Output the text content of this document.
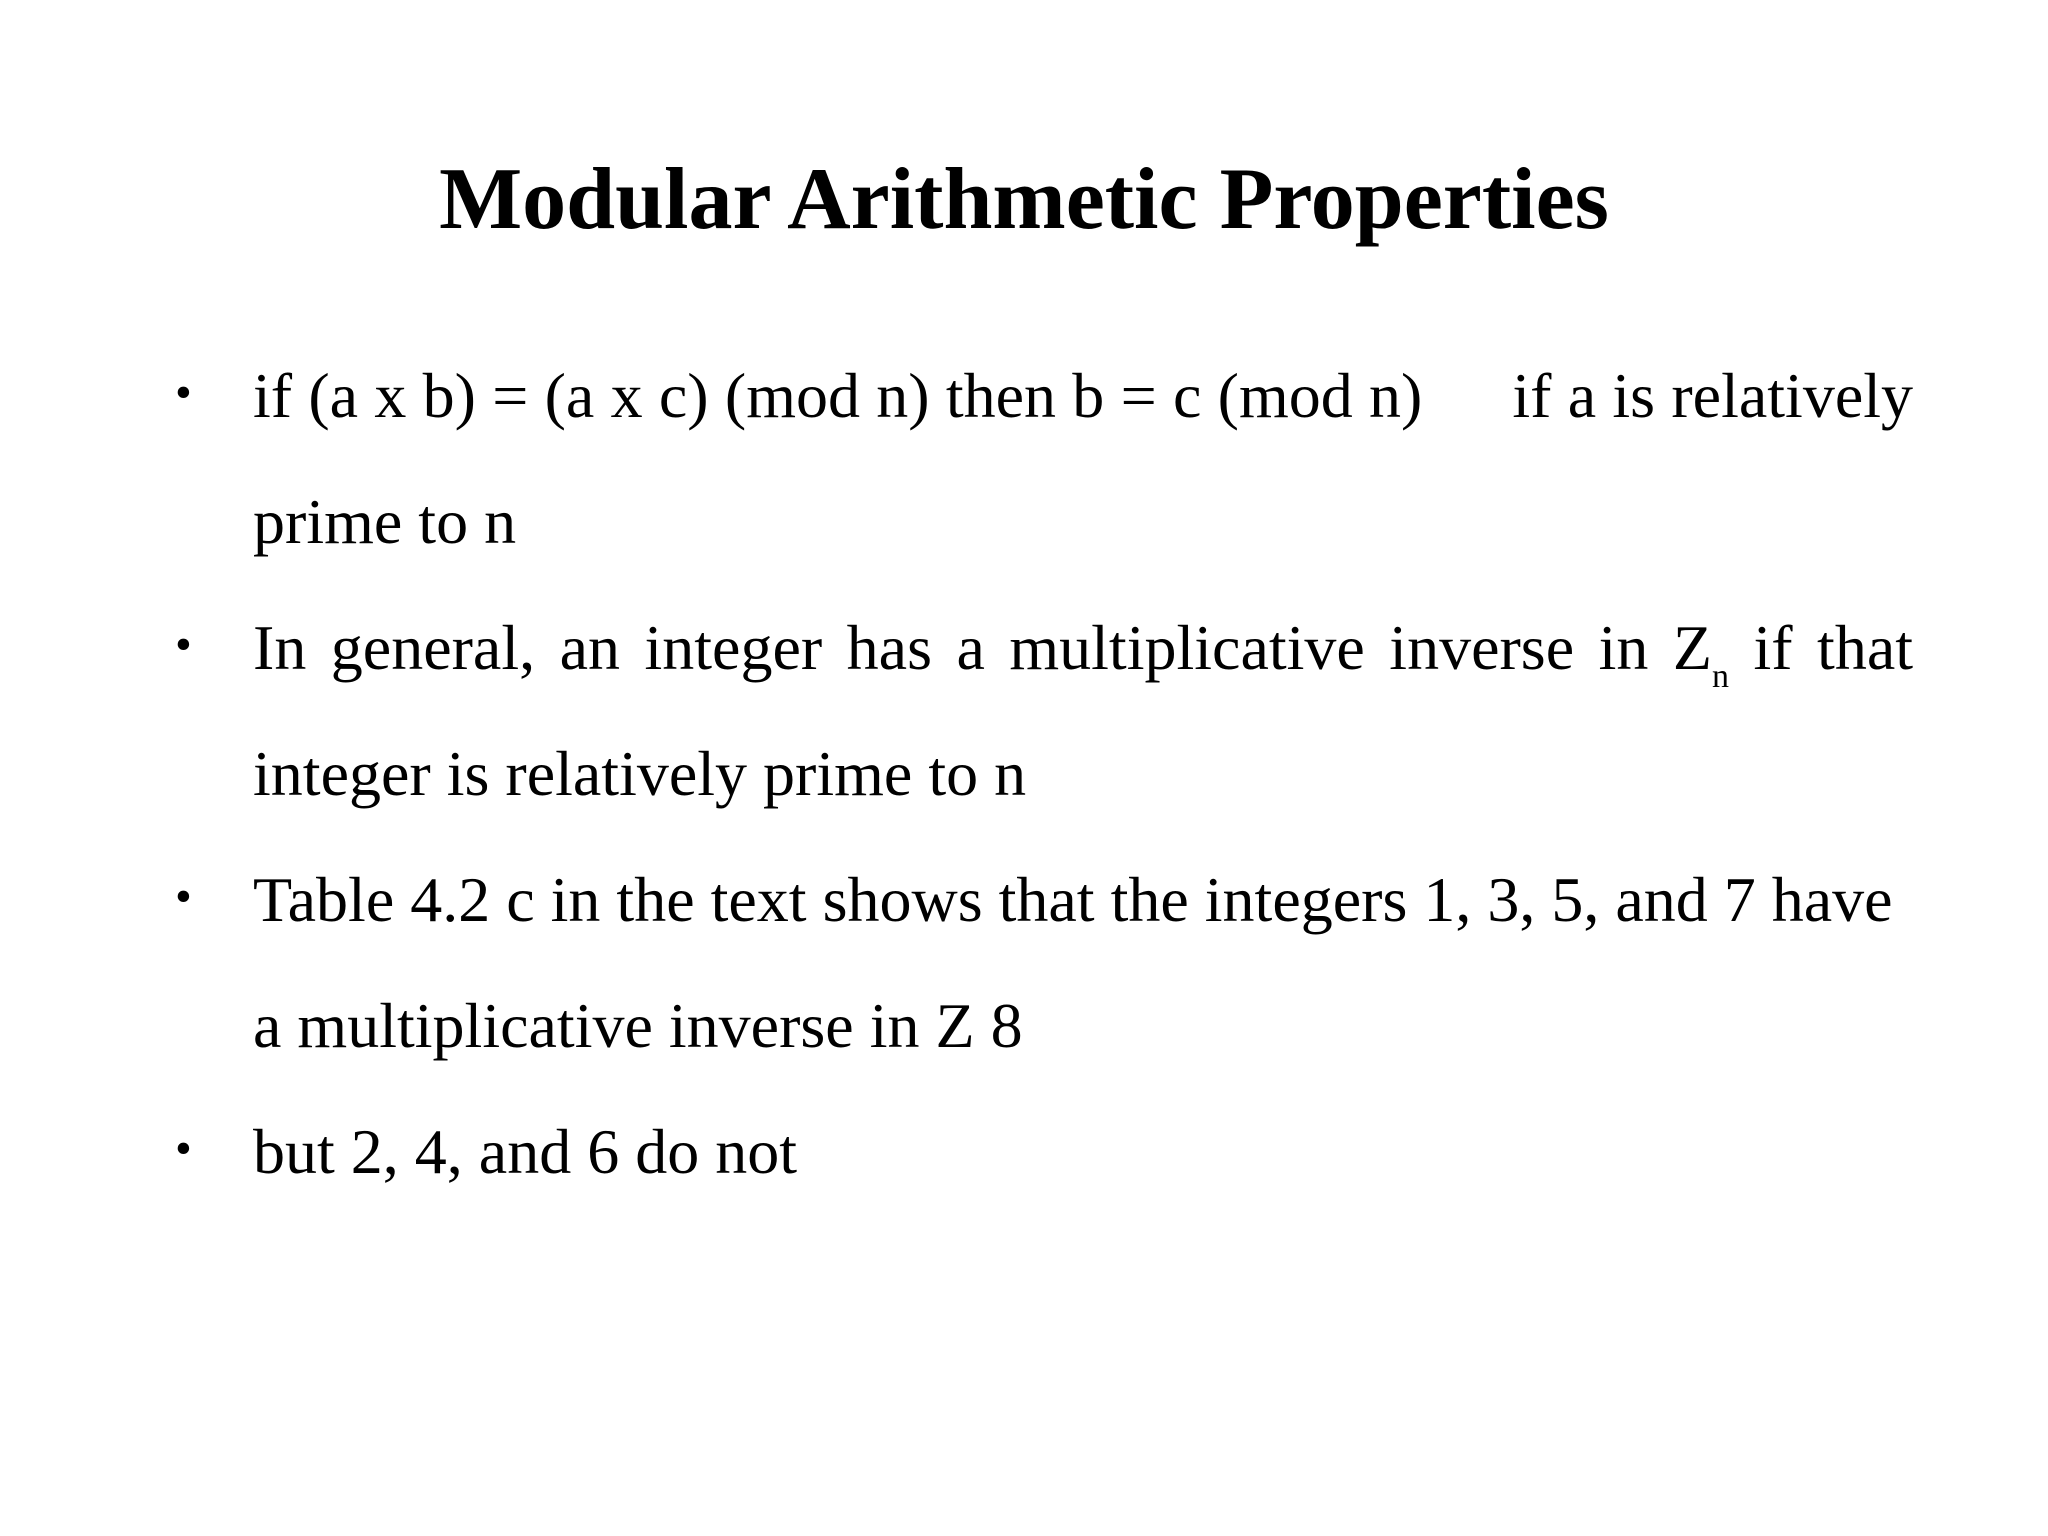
Modular Arithmetic Properties
• if (a x b) = (a x c) (mod n) then b = c (mod n) if a is relatively prime to n
• In general, an integer has a multiplicative inverse in $Z_n$ if that integer is relatively prime to n
• Table 4.2 c in the text shows that the integers 1, 3, 5, and 7 have a multiplicative inverse in Z 8
• but 2, 4, and 6 do not
